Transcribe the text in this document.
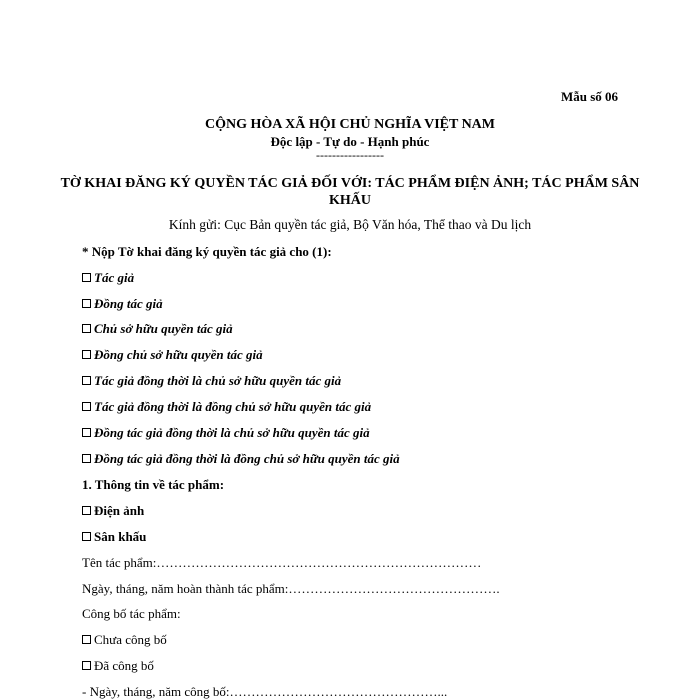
Mẫu số 06
CỘNG HÒA XÃ HỘI CHỦ NGHĨA VIỆT NAM
Độc lập - Tự do - Hạnh phúc
-----------------
TỜ KHAI ĐĂNG KÝ QUYỀN TÁC GIẢ ĐỐI VỚI: TÁC PHẨM ĐIỆN ẢNH; TÁC PHẨM SÂN KHẤU
Kính gửi: Cục Bản quyền tác giả, Bộ Văn hóa, Thể thao và Du lịch
* Nộp Tờ khai đăng ký quyền tác giả cho (1):
Tác giả
Đồng tác giả
Chủ sở hữu quyền tác giả
Đồng chủ sở hữu quyền tác giả
Tác giả đồng thời là chủ sở hữu quyền tác giả
Tác giả đồng thời là đồng chủ sở hữu quyền tác giả
Đồng tác giả đồng thời là chủ sở hữu quyền tác giả
Đồng tác giả đồng thời là đồng chủ sở hữu quyền tác giả
1. Thông tin về tác phẩm:
Điện ảnh
Sân khấu
Tên tác phẩm:…………………………………………………………………
Ngày, tháng, năm hoàn thành tác phẩm:………………………………………….
Công bố tác phẩm:
Chưa công bố
Đã công bố
- Ngày, tháng, năm công bố:…………………………………………...
